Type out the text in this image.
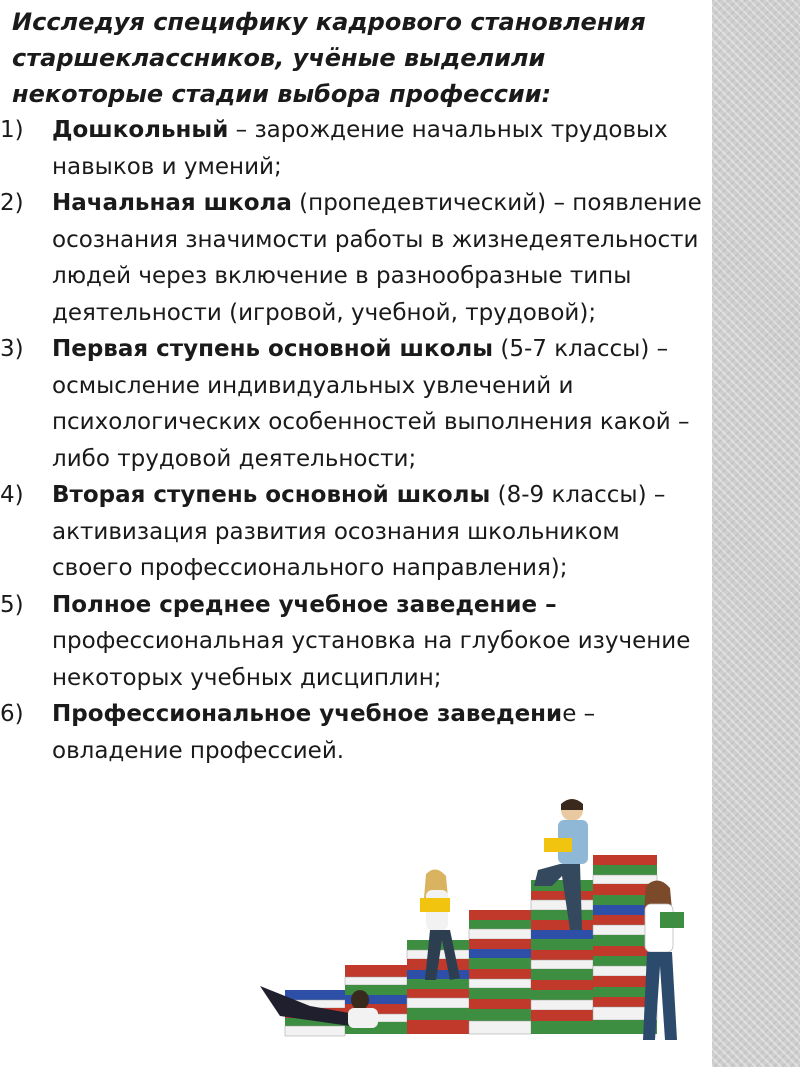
Исследуя специфику кадрового становления старшеклассников, учёные выделили некоторые стадии выбора профессии:

1) Дошкольный – зарождение начальных трудовых навыков и умений;
2) Начальная школа (пропедевтический) – появление осознания значимости работы в жизнедеятельности людей через включение в разнообразные типы деятельности (игровой, учебной, трудовой);
3) Первая ступень основной школы (5-7 классы) – осмысление индивидуальных увлечений и психологических особенностей выполнения какой – либо трудовой деятельности;
4) Вторая ступень основной школы (8-9 классы) – активизация развития осознания школьником своего профессионального направления);
5) Полное среднее учебное заведение – профессиональная установка на глубокое изучение некоторых учебных дисциплин;
6) Профессиональное учебное заведение – овладение профессией.
